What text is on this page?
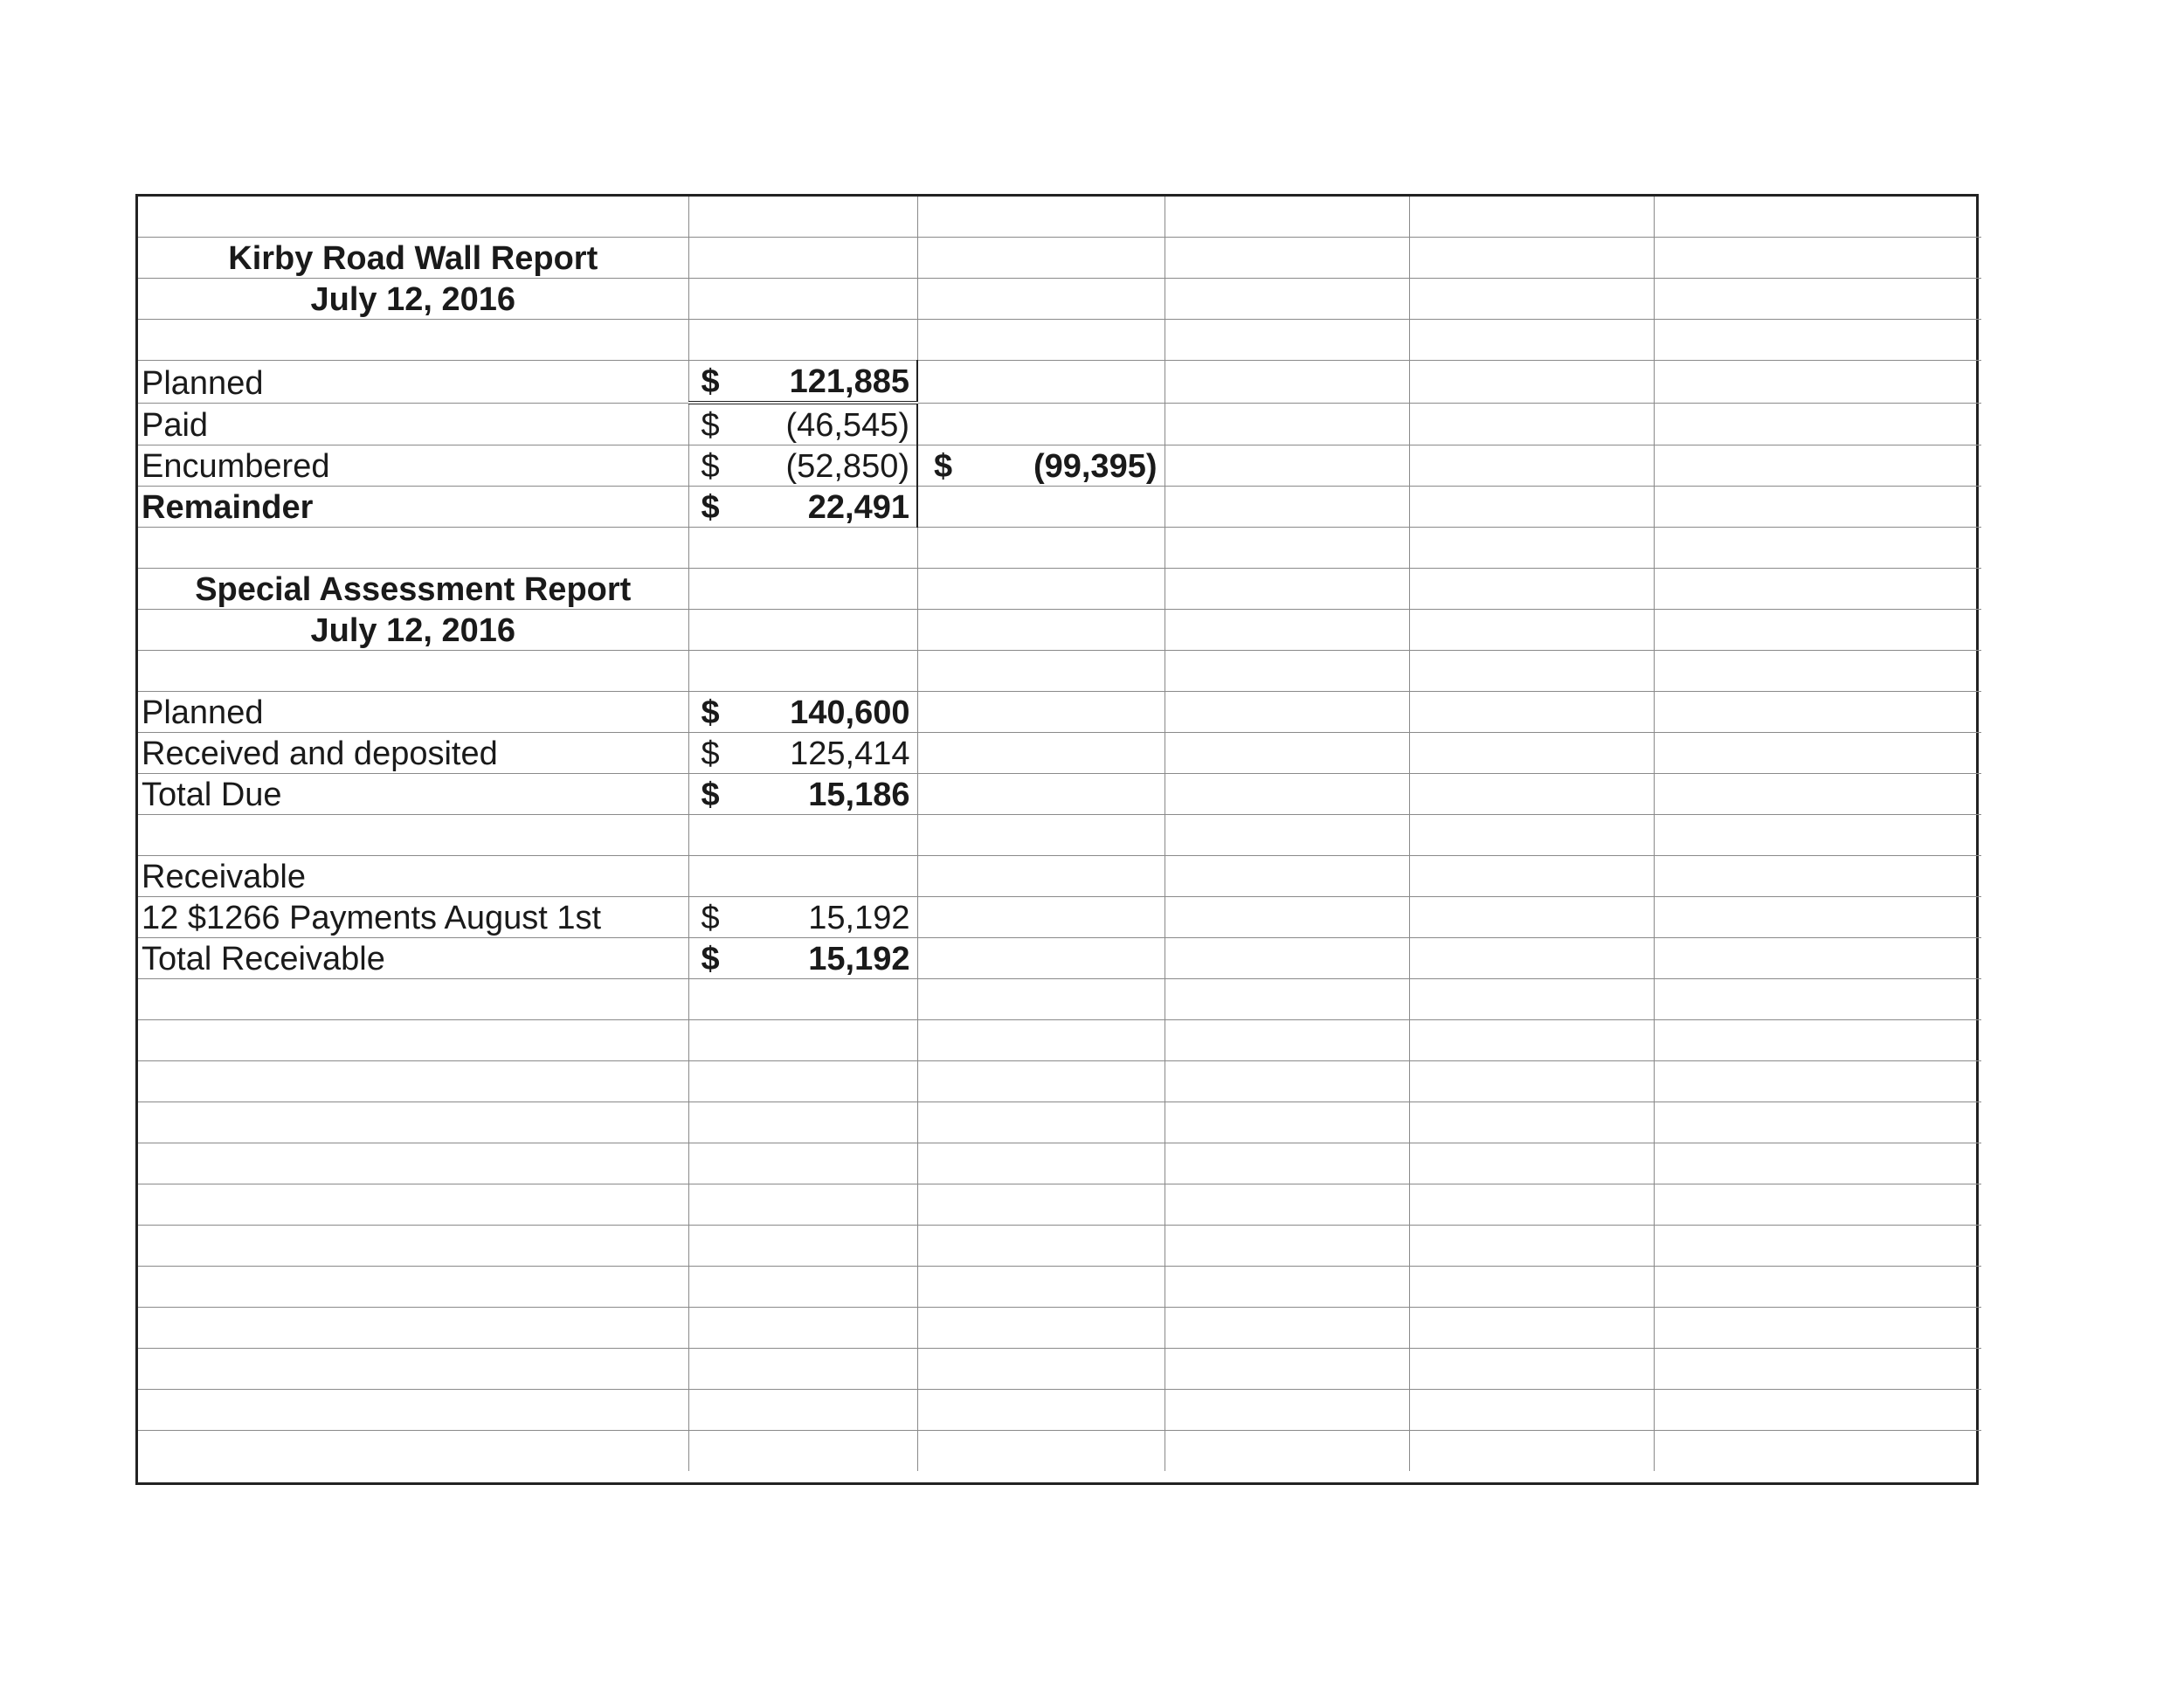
Kirby Road Wall Report					
July 12, 2016					

Planned	$ 121,885				

Paid	$ (46,545)				

Encumbered	$ (52,850)	$ (99,395)			

Remainder	$ 22,491				

Special Assessment Report					
July 12, 2016					

Planned	$ 140,600				

Received and deposited	$ 125,414				

Total Due	$ 15,186				

Receivable					
12 $1266 Payments August 1st	$ 15,192				

Total Receivable	$ 15,192				
